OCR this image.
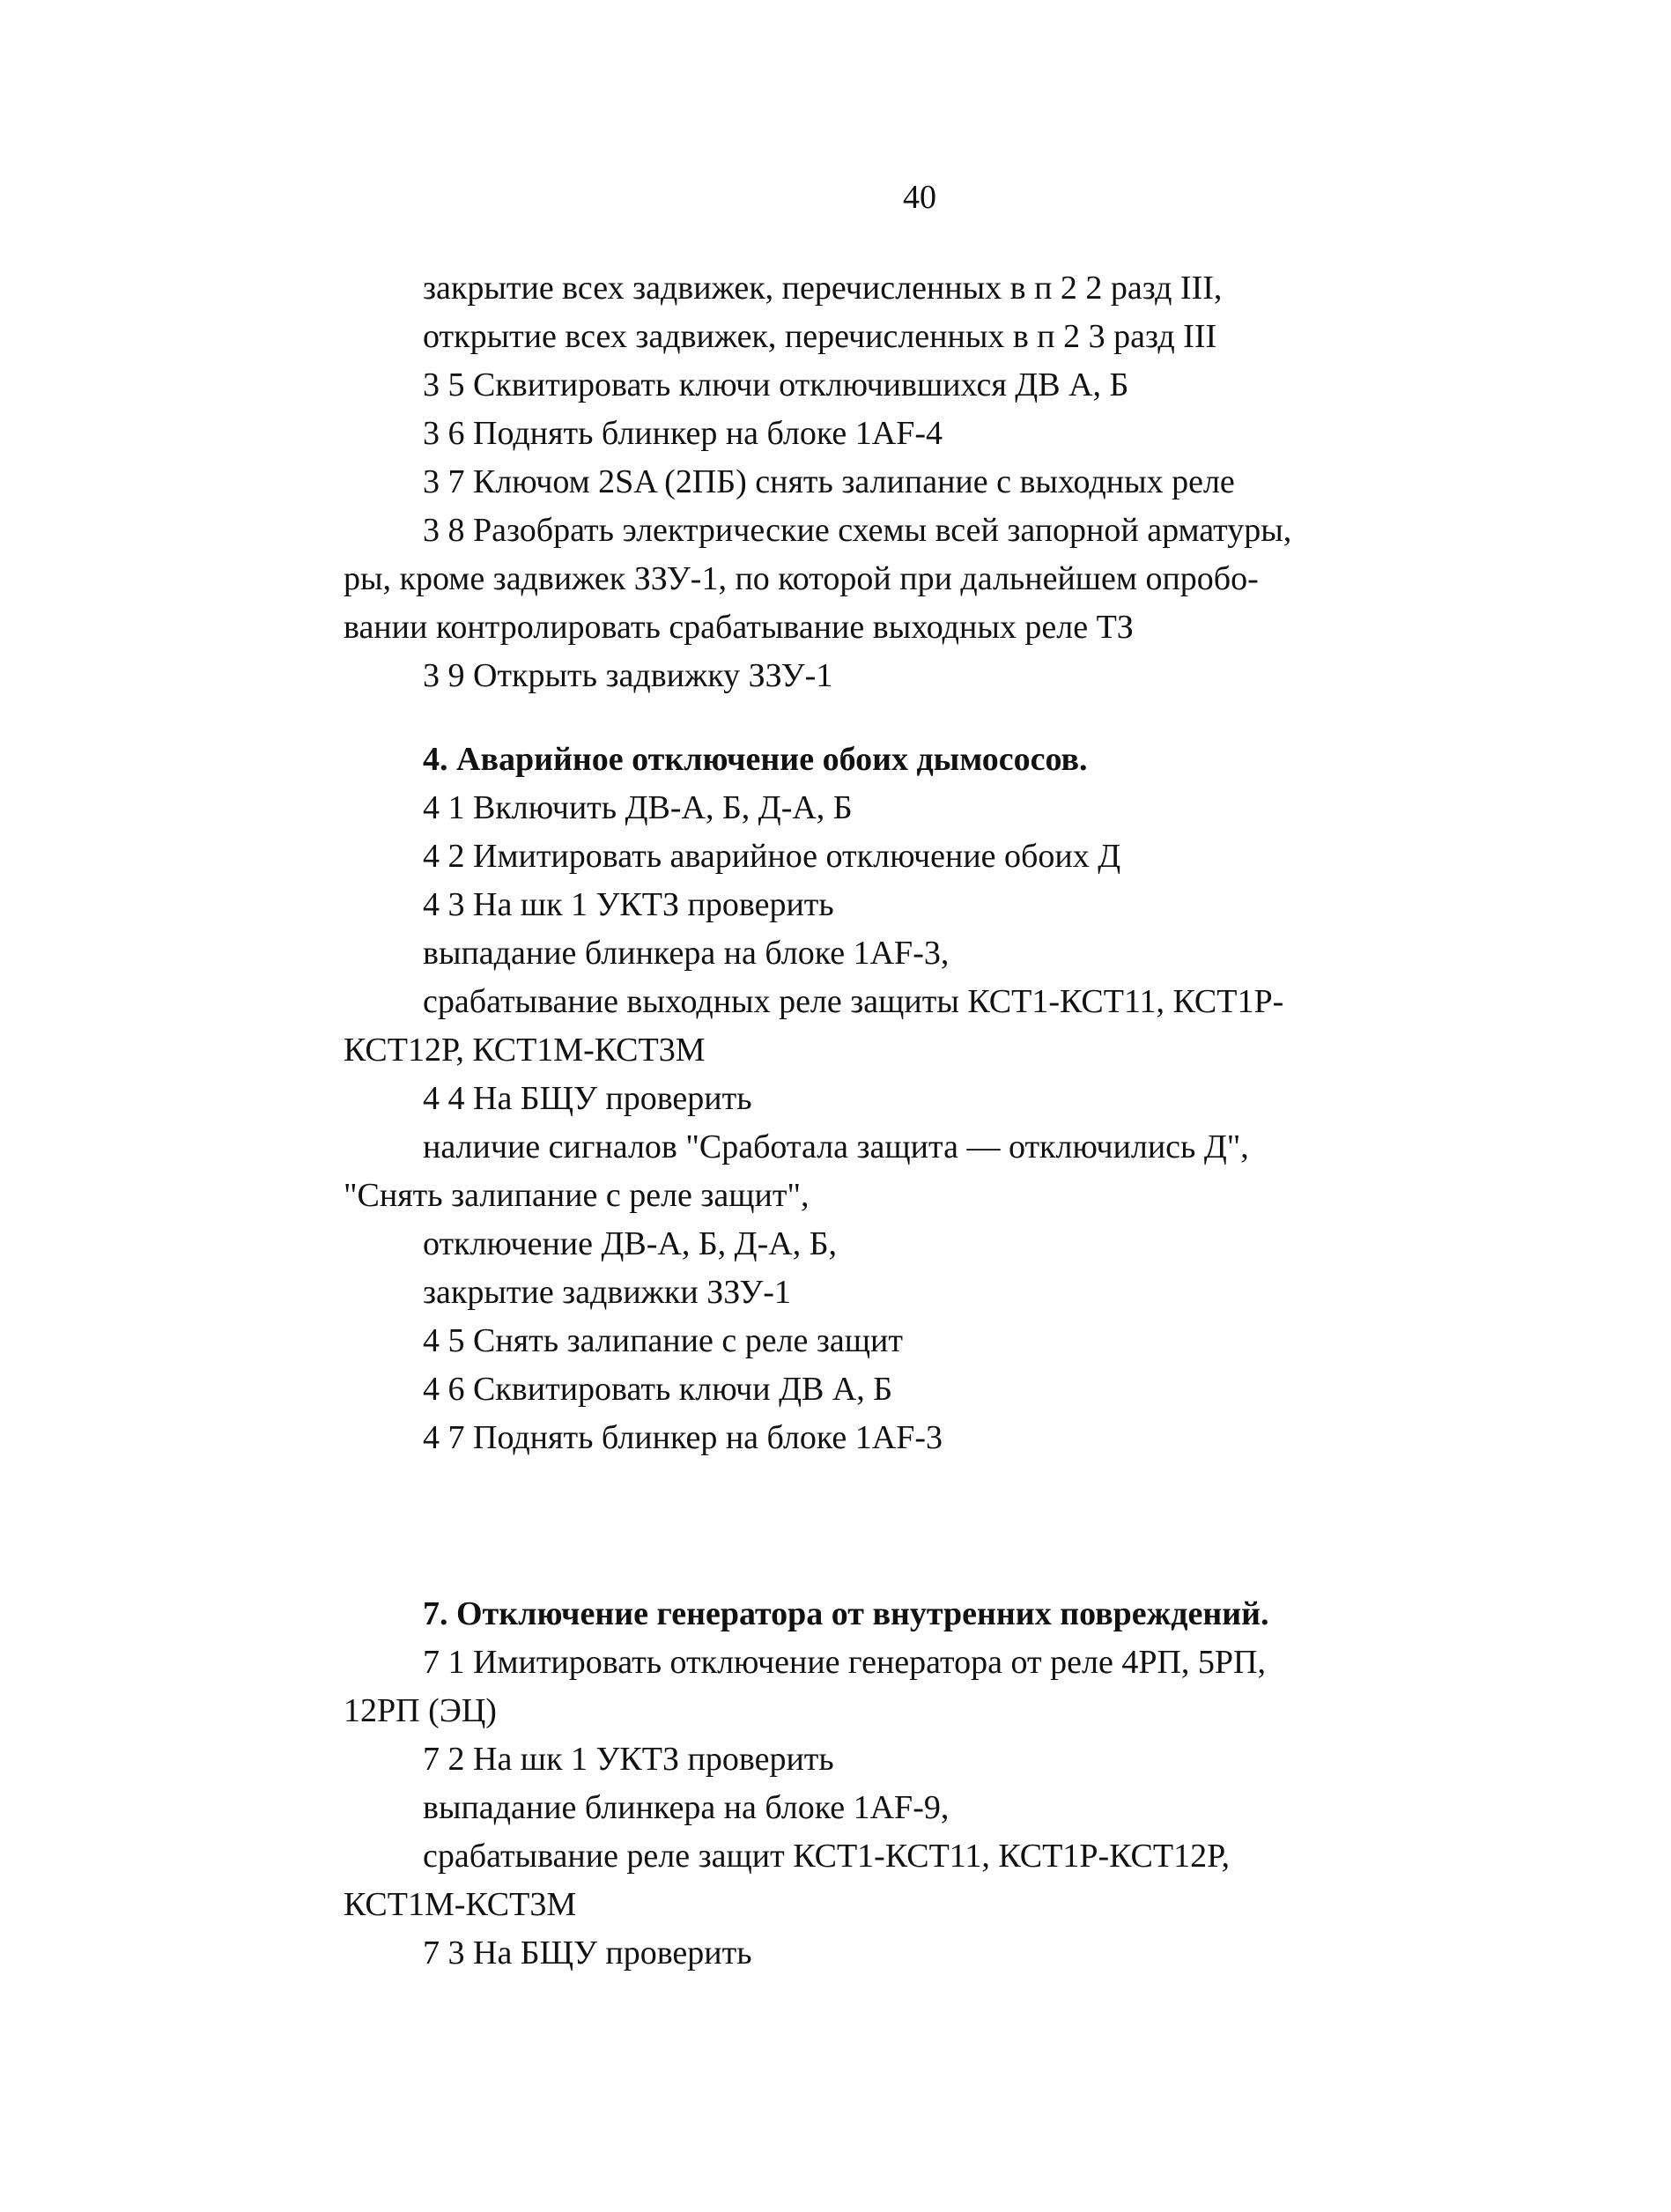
40
закрытие всех задвижек, перечисленных в п 2 2 разд III,
открытие всех задвижек, перечисленных в п 2 3 разд III
3 5 Сквитировать ключи отключившихся ДВ А, Б
3 6 Поднять блинкер на блоке 1АF-4
3 7 Ключом 2SA (2ПБ) снять залипание с выходных реле
3 8 Разобрать электрические схемы всей запорной арматуры,
ры, кроме задвижек ЗЗУ-1, по которой при дальнейшем опробо-
вании контролировать срабатывание выходных реле ТЗ
3 9 Открыть задвижку ЗЗУ-1
4. Аварийное отключение обоих дымососов.
4 1 Включить ДВ-А, Б, Д-А, Б
4 2 Имитировать аварийное отключение обоих Д
4 3 На шк 1 УКТЗ проверить
выпадание блинкера на блоке 1АF-3,
срабатывание выходных реле защиты КСТ1-КСТ11, КСТ1Р-
КСТ12Р, КСТ1М-КСТ3М
4 4 На БЩУ проверить
наличие сигналов "Сработала защита — отключились Д",
"Снять залипание с реле защит",
отключение ДВ-А, Б, Д-А, Б,
закрытие задвижки ЗЗУ-1
4 5 Снять залипание с реле защит
4 6 Сквитировать ключи ДВ А, Б
4 7 Поднять блинкер на блоке 1АF-3
7. Отключение генератора от внутренних повреждений.
7 1 Имитировать отключение генератора от реле 4РП, 5РП,
12РП (ЭЦ)
7 2 На шк 1 УКТЗ проверить
выпадание блинкера на блоке 1АF-9,
срабатывание реле защит КСТ1-КСТ11, КСТ1Р-КСТ12Р,
КСТ1М-КСТ3М
7 3 На БЩУ проверить
